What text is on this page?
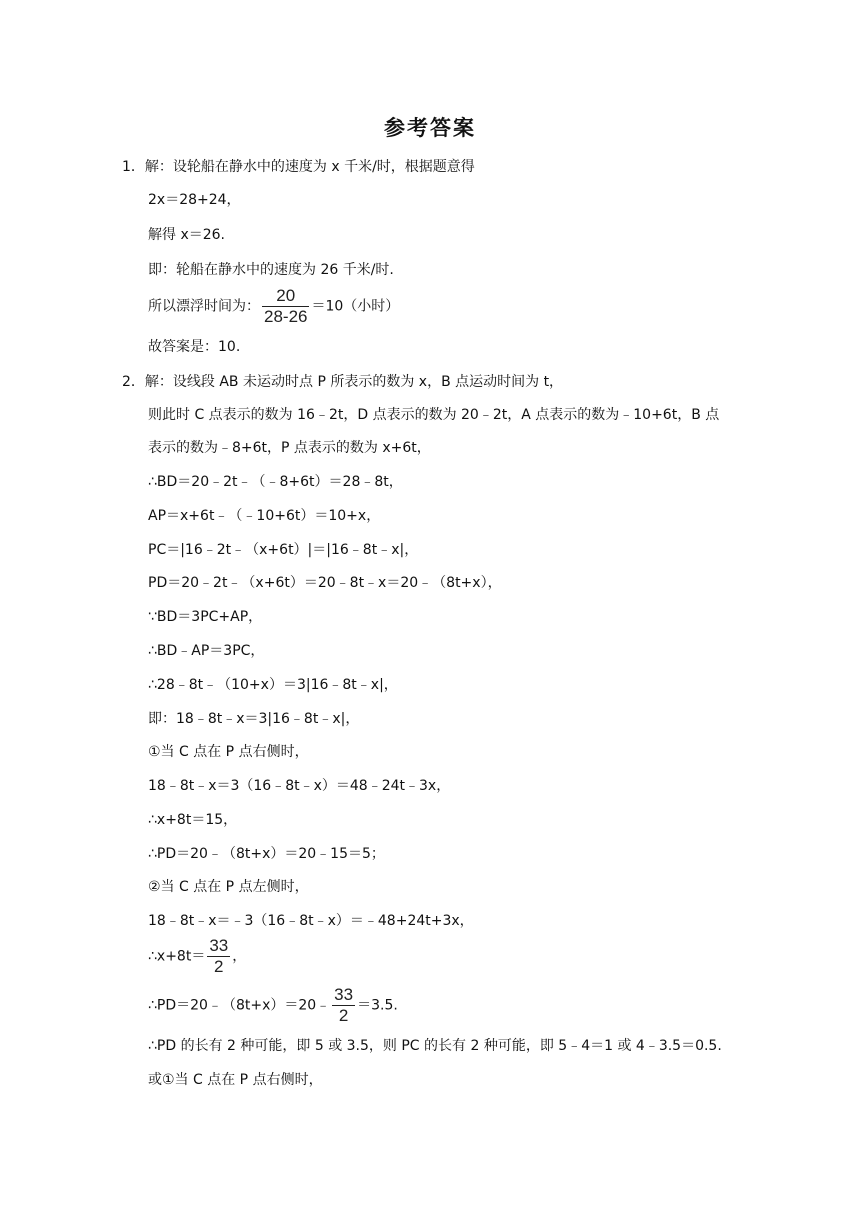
参考答案
1．解：设轮船在静水中的速度为 x 千米/时，根据题意得
2x＝28+24，
解得 x＝26.
即：轮船在静水中的速度为 26 千米/时.
所以漂浮时间为： $\frac{20}{28-26} =10$（小时）
故答案是：10.
2．解：设线段 AB 未运动时点 P 所表示的数为 x，B 点运动时间为 t，
则此时 C 点表示的数为 16﹣2t，D 点表示的数为 20﹣2t，A 点表示的数为﹣10+6t，B 点
表示的数为﹣8+6t，P 点表示的数为 x+6t，
∴BD＝20﹣2t﹣（﹣8+6t）＝28﹣8t，
AP＝x+6t﹣（﹣10+6t）＝10+x，
PC＝|16﹣2t﹣（x+6t）|＝|16﹣8t﹣x|，
PD＝20﹣2t﹣（x+6t）＝20﹣8t﹣x＝20﹣（8t+x），
∵BD＝3PC+AP，
∴BD﹣AP＝3PC，
∴28﹣8t﹣（10+x）＝3|16﹣8t﹣x|，
即：18﹣8t﹣x＝3|16﹣8t﹣x|，
①当 C 点在 P 点右侧时，
18﹣8t﹣x＝3（16﹣8t﹣x）＝48﹣24t﹣3x，
∴x+8t＝15，
∴PD＝20﹣（8t+x）＝20﹣15＝5；
②当 C 点在 P 点左侧时，
18﹣8t﹣x＝﹣3（16﹣8t﹣x）＝﹣48+24t+3x，
∴x+8t＝ $\frac{33}{2}$ ，
∴PD＝20﹣（8t+x）＝20﹣ $\frac{33}{2} =3.5$.
∴PD 的长有 2 种可能，即 5 或 3.5，则 PC 的长有 2 种可能，即 5﹣4＝1 或 4﹣3.5＝0.5.
或①当 C 点在 P 点右侧时，
